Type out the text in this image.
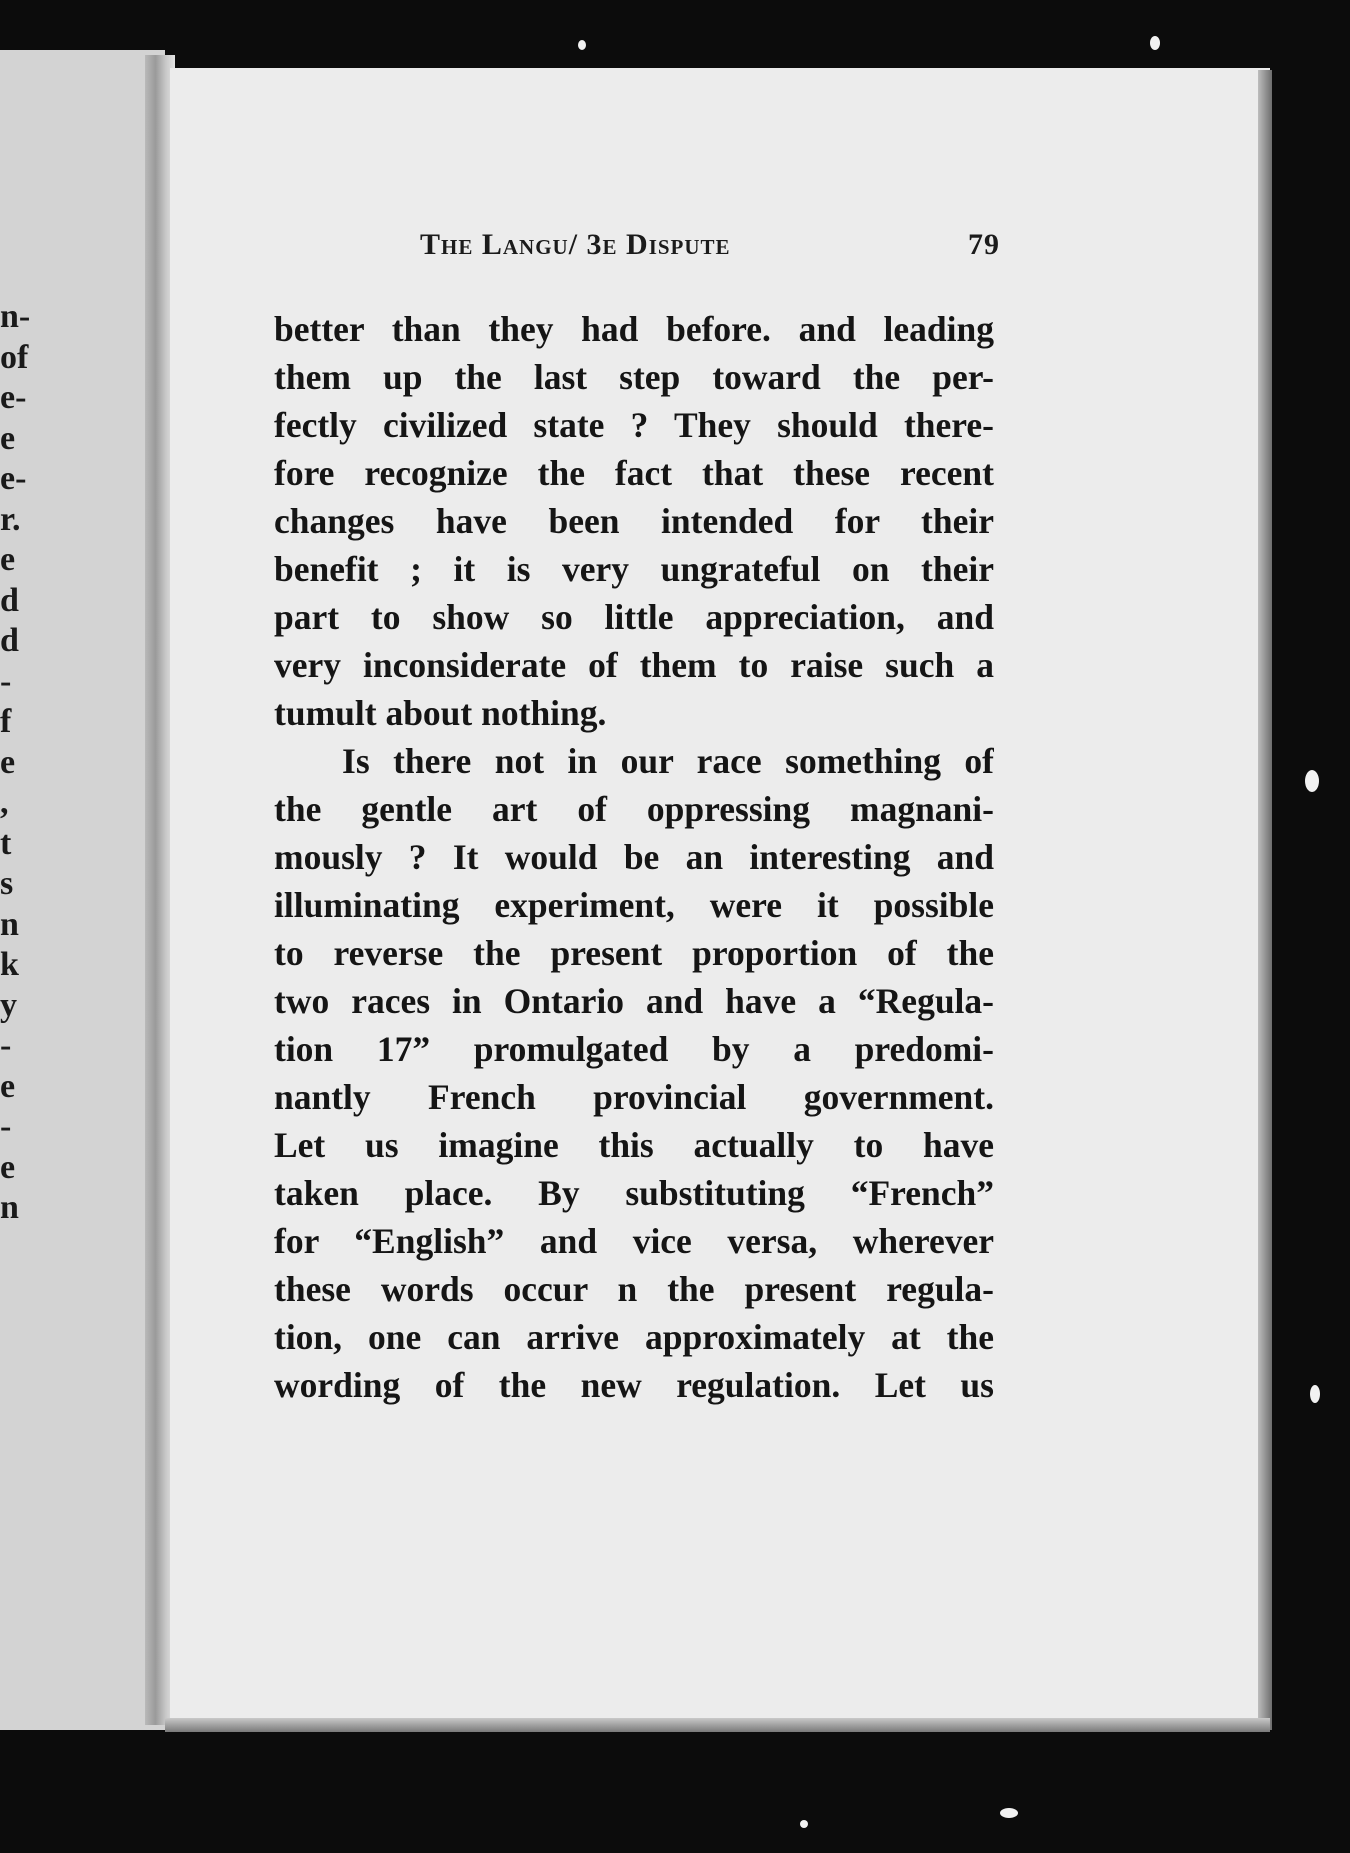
n-
of
e-
e
e-
r.
e
d
d
-
f
e
,
t
s
n
k
y
-
e
-
e
n
The Langu/ 3e Dispute	79
better than they had before. and leading
them up the last step toward the per-
fectly civilized state ? They should there-
fore recognize the fact that these recent
changes have been intended for their
benefit ; it is very ungrateful on their
part to show so little appreciation, and
very inconsiderate of them to raise such a
tumult about nothing.
Is there not in our race something of
the gentle art of oppressing magnani-
mously ? It would be an interesting and
illuminating experiment, were it possible
to reverse the present proportion of the
two races in Ontario and have a “Regula-
tion 17” promulgated by a predomi-
nantly French provincial government.
Let us imagine this actually to have
taken place. By substituting “French”
for “English” and vice versa, wherever
these words occur n the present regula-
tion, one can arrive approximately at the
wording of the new regulation. Let us
